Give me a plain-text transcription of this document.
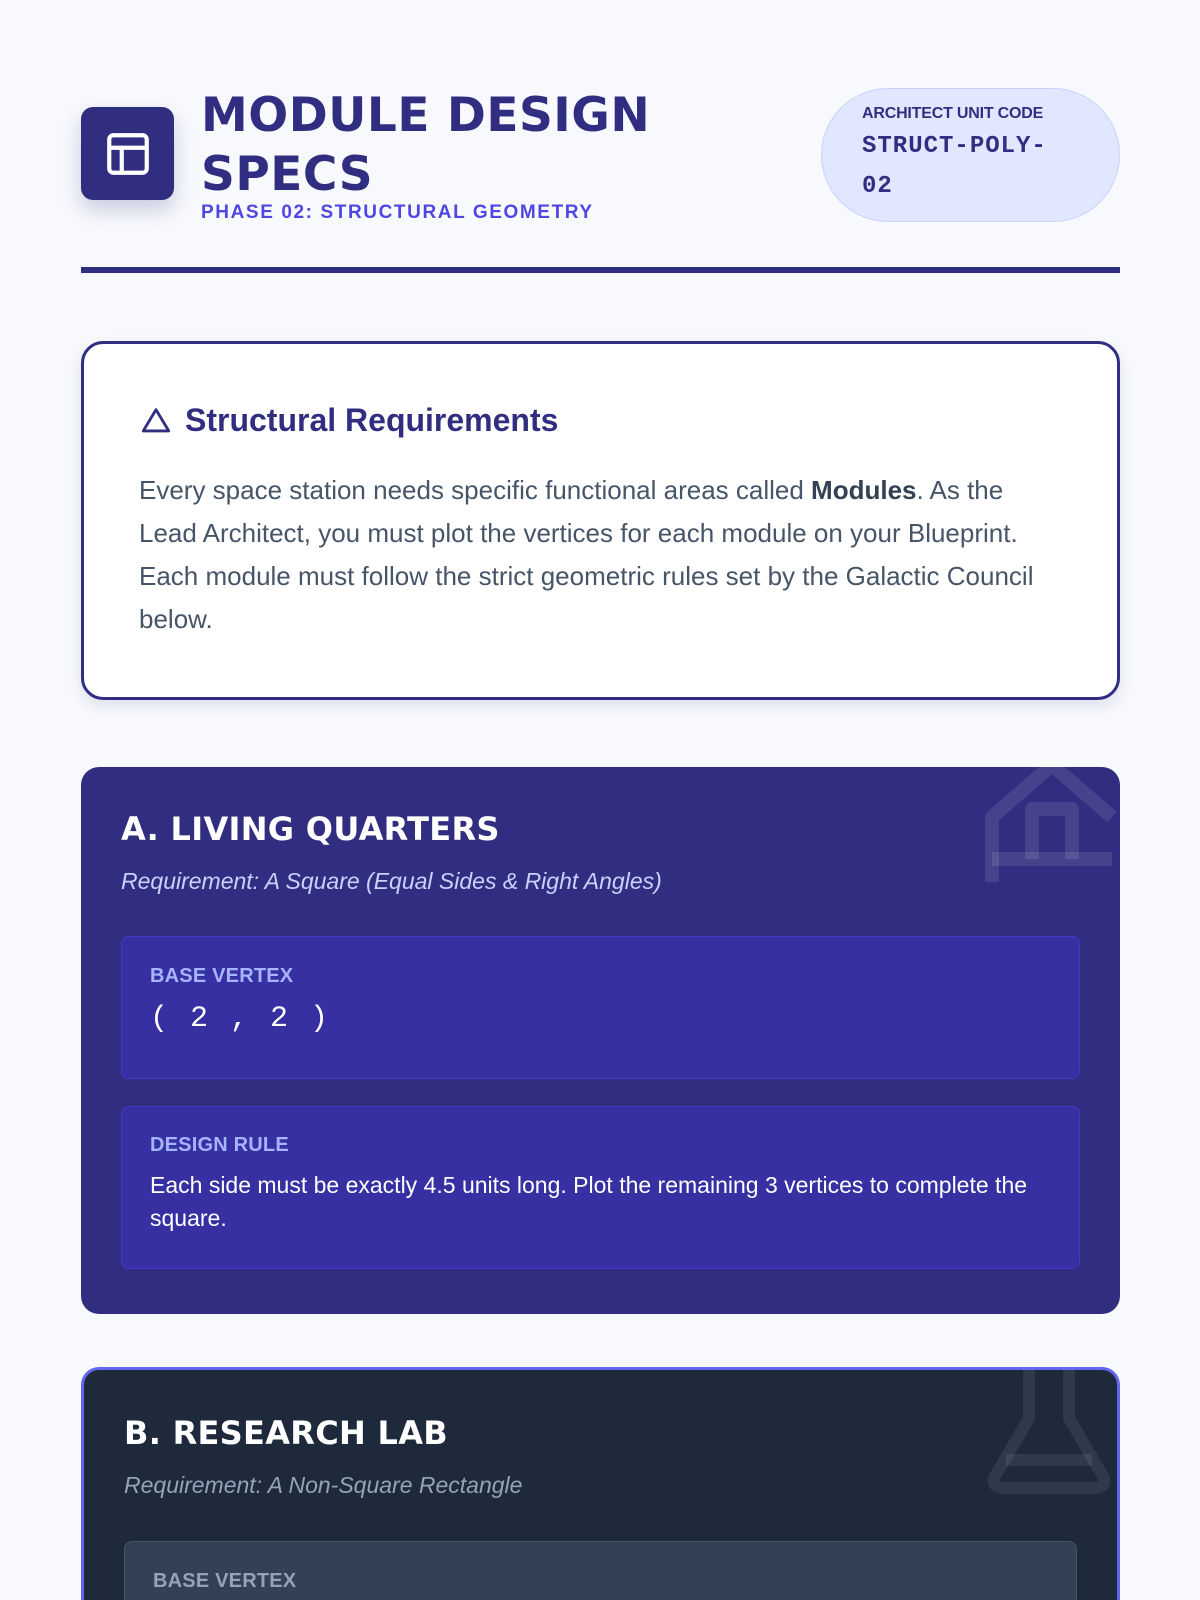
MODULE DESIGN SPECS
PHASE 02: STRUCTURAL GEOMETRY
ARCHITECT UNIT CODE
STRUCT-POLY-02
Structural Requirements

Every space station needs specific functional areas called Modules. As the Lead Architect, you must plot the vertices for each module on your Blueprint. Each module must follow the strict geometric rules set by the Galactic Council below.

A. LIVING QUARTERS
Requirement: A Square (Equal Sides & Right Angles)
BASE VERTEX
( 2 , 2 )
DESIGN RULE
Each side must be exactly 4.5 units long. Plot the remaining 3 vertices to complete the square.
B. RESEARCH LAB
Requirement: A Non-Square Rectangle
BASE VERTEX
